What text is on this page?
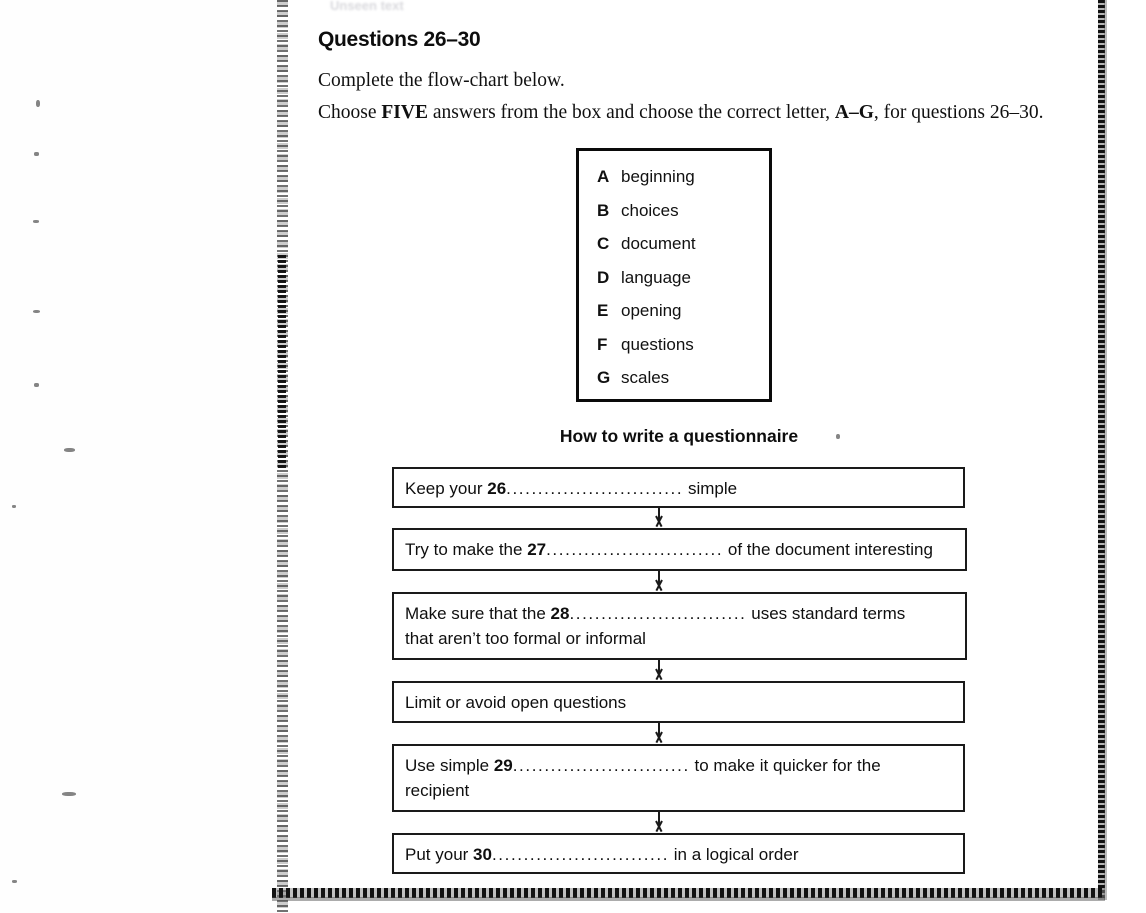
Unseen text
Questions 26–30
Complete the flow-chart below.
Choose FIVE answers from the box and choose the correct letter, A–G, for questions 26–30.
A beginning
B choices
C document
D language
E opening
F questions
G scales
How to write a questionnaire
Keep your 26............................ simple
Try to make the 27............................ of the document interesting
Make sure that the 28............................ uses standard terms
that aren’t too formal or informal
Limit or avoid open questions
Use simple 29............................ to make it quicker for the
recipient
Put your 30............................ in a logical order
